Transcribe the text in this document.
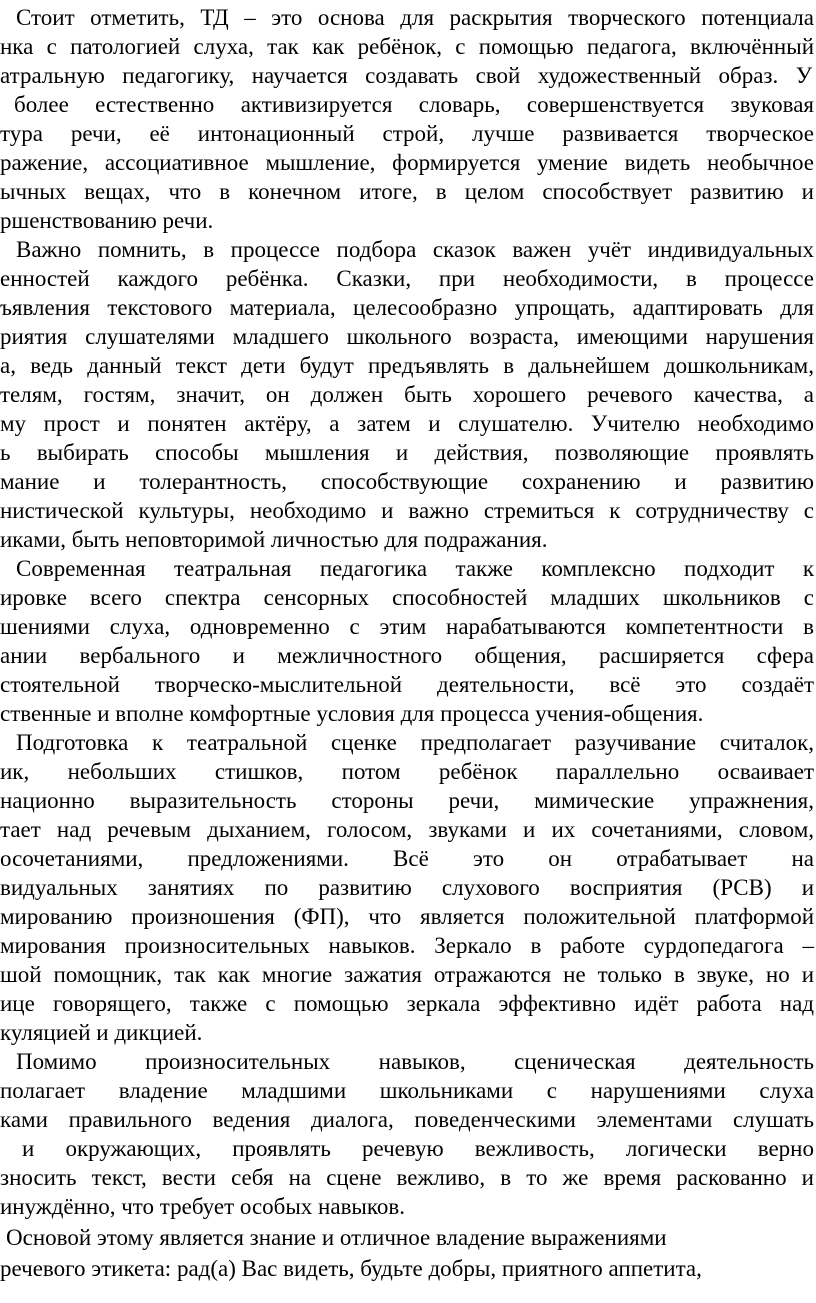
Стоит отметить, ТД – это основа для раскрытия творческого потенциала
нка с патологией слуха, так как ребёнок, с помощью педагога, включённый
атральную педагогику, научается создавать свой художественный образ. У
более естественно активизируется словарь, совершенствуется звуковая
тура речи, её интонационный строй, лучше развивается творческое
ражение, ассоциативное мышление, формируется умение видеть необычное
ычных вещах, что в конечном итоге, в целом способствует развитию и
ршенствованию речи.
Важно помнить, в процессе подбора сказок важен учёт индивидуальных
енностей каждого ребёнка. Сказки, при необходимости, в процессе
ъявления текстового материала, целесообразно упрощать, адаптировать для
риятия слушателями младшего школьного возраста, имеющими нарушения
а, ведь данный текст дети будут предъявлять в дальнейшем дошкольникам,
телям, гостям, значит, он должен быть хорошего речевого качества, а
му прост и понятен актёру, а затем и слушателю. Учителю необходимо
ь выбирать способы мышления и действия, позволяющие проявлять
мание и толерантность, способствующие сохранению и развитию
нистической культуры, необходимо и важно стремиться к сотрудничеству с
иками, быть неповторимой личностью для подражания.
Современная театральная педагогика также комплексно подходит к
ировке всего спектра сенсорных способностей младших школьников с
шениями слуха, одновременно с этим нарабатываются компетентности в
ании вербального и межличностного общения, расширяется сфера
стоятельной творческо-мыслительной деятельности, всё это создаёт
ственные и вполне комфортные условия для процесса учения-общения.
Подготовка к театральной сценке предполагает разучивание считалок,
ик, небольших стишков, потом ребёнок параллельно осваивает
национно выразительность стороны речи, мимические упражнения,
тает над речевым дыханием, голосом, звуками и их сочетаниями, словом,
осочетаниями, предложениями. Всё это он отрабатывает на
видуальных занятиях по развитию слухового восприятия (РСВ) и
мированию произношения (ФП), что является положительной платформой
мирования произносительных навыков. Зеркало в работе сурдопедагога –
шой помощник, так как многие зажатия отражаются не только в звуке, но и
ице говорящего, также с помощью зеркала эффективно идёт работа над
куляцией и дикцией.
Помимо произносительных навыков, сценическая деятельность
полагает владение младшими школьниками с нарушениями слуха
ками правильного ведения диалога, поведенческими элементами слушать
и окружающих, проявлять речевую вежливость, логически верно
зносить текст, вести себя на сцене вежливо, в то же время раскованно и
инуждённо, что требует особых навыков.
Основой этому является знание и отличное владение выражениями
речевого этикета: рад(а) Вас видеть, будьте добры, приятного аппетита,
